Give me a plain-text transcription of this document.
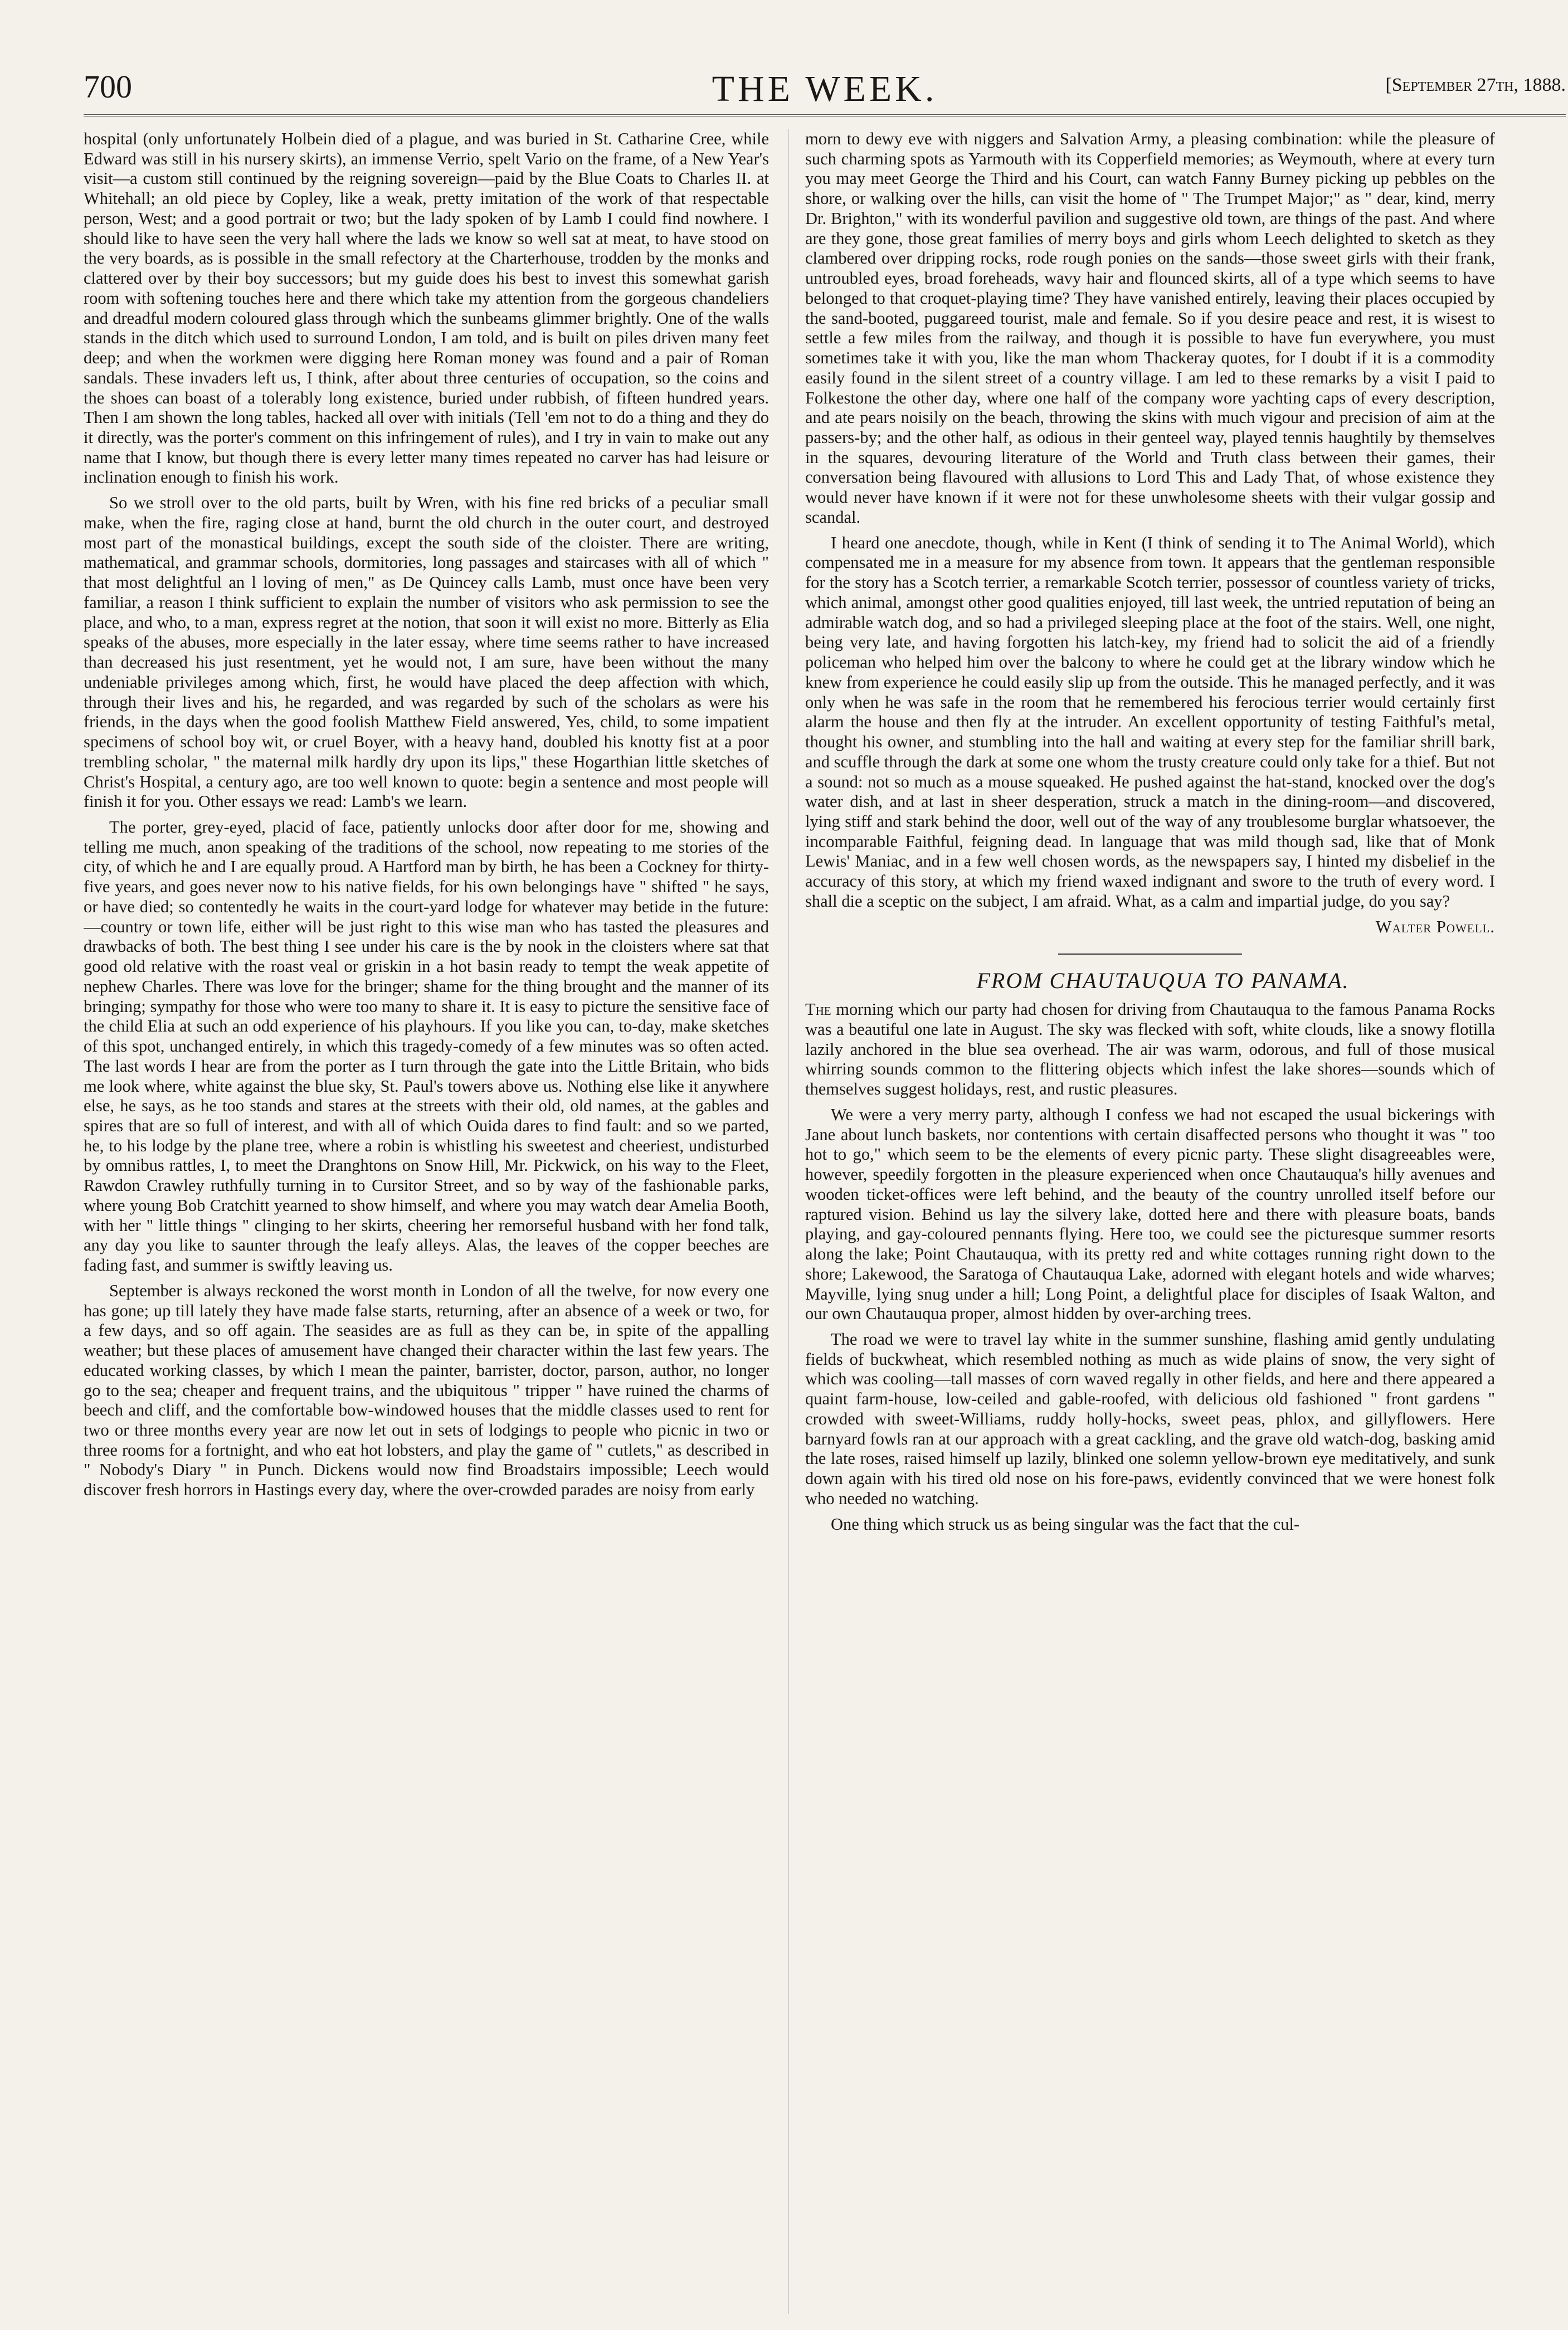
700	THE WEEK.	[September 27th, 1888.

hospital (only unfortunately Holbein died of a plague, and was buried in St. Catharine Cree, while Edward was still in his nursery skirts), an immense Verrio, spelt Vario on the frame, of a New Year's visit—a custom still continued by the reigning sovereign—paid by the Blue Coats to Charles II. at Whitehall; an old piece by Copley, like a weak, pretty imitation of the work of that respectable person, West; and a good portrait or two; but the lady spoken of by Lamb I could find nowhere. I should like to have seen the very hall where the lads we know so well sat at meat, to have stood on the very boards, as is possible in the small refectory at the Charterhouse, trodden by the monks and clattered over by their boy successors; but my guide does his best to invest this somewhat garish room with softening touches here and there which take my attention from the gorgeous chandeliers and dreadful modern coloured glass through which the sunbeams glimmer brightly. One of the walls stands in the ditch which used to surround London, I am told, and is built on piles driven many feet deep; and when the workmen were digging here Roman money was found and a pair of Roman sandals. These invaders left us, I think, after about three centuries of occupation, so the coins and the shoes can boast of a tolerably long existence, buried under rubbish, of fifteen hundred years. Then I am shown the long tables, hacked all over with initials (Tell 'em not to do a thing and they do it directly, was the porter's comment on this infringement of rules), and I try in vain to make out any name that I know, but though there is every letter many times repeated no carver has had leisure or inclination enough to finish his work.

So we stroll over to the old parts, built by Wren, with his fine red bricks of a peculiar small make, when the fire, raging close at hand, burnt the old church in the outer court, and destroyed most part of the monastical buildings, except the south side of the cloister. There are writing, mathematical, and grammar schools, dormitories, long passages and staircases with all of which " that most delightful an l loving of men," as De Quincey calls Lamb, must once have been very familiar, a reason I think sufficient to explain the number of visitors who ask permission to see the place, and who, to a man, express regret at the notion, that soon it will exist no more. Bitterly as Elia speaks of the abuses, more especially in the later essay, where time seems rather to have increased than decreased his just resentment, yet he would not, I am sure, have been without the many undeniable privileges among which, first, he would have placed the deep affection with which, through their lives and his, he regarded, and was regarded by such of the scholars as were his friends, in the days when the good foolish Matthew Field answered, Yes, child, to some impatient specimens of school boy wit, or cruel Boyer, with a heavy hand, doubled his knotty fist at a poor trembling scholar, " the maternal milk hardly dry upon its lips," these Hogarthian little sketches of Christ's Hospital, a century ago, are too well known to quote: begin a sentence and most people will finish it for you. Other essays we read: Lamb's we learn.

The porter, grey-eyed, placid of face, patiently unlocks door after door for me, showing and telling me much, anon speaking of the traditions of the school, now repeating to me stories of the city, of which he and I are equally proud. A Hartford man by birth, he has been a Cockney for thirty-five years, and goes never now to his native fields, for his own belongings have " shifted " he says, or have died; so contentedly he waits in the court-yard lodge for whatever may betide in the future:—country or town life, either will be just right to this wise man who has tasted the pleasures and drawbacks of both. The best thing I see under his care is the by nook in the cloisters where sat that good old relative with the roast veal or griskin in a hot basin ready to tempt the weak appetite of nephew Charles. There was love for the bringer; shame for the thing brought and the manner of its bringing; sympathy for those who were too many to share it. It is easy to picture the sensitive face of the child Elia at such an odd experience of his playhours. If you like you can, to-day, make sketches of this spot, unchanged entirely, in which this tragedy-comedy of a few minutes was so often acted. The last words I hear are from the porter as I turn through the gate into the Little Britain, who bids me look where, white against the blue sky, St. Paul's towers above us. Nothing else like it anywhere else, he says, as he too stands and stares at the streets with their old, old names, at the gables and spires that are so full of interest, and with all of which Ouida dares to find fault: and so we parted, he, to his lodge by the plane tree, where a robin is whistling his sweetest and cheeriest, undisturbed by omnibus rattles, I, to meet the Dranghtons on Snow Hill, Mr. Pickwick, on his way to the Fleet, Rawdon Crawley ruthfully turning in to Cursitor Street, and so by way of the fashionable parks, where young Bob Cratchitt yearned to show himself, and where you may watch dear Amelia Booth, with her " little things " clinging to her skirts, cheering her remorseful husband with her fond talk, any day you like to saunter through the leafy alleys. Alas, the leaves of the copper beeches are fading fast, and summer is swiftly leaving us.

September is always reckoned the worst month in London of all the twelve, for now every one has gone; up till lately they have made false starts, returning, after an absence of a week or two, for a few days, and so off again. The seasides are as full as they can be, in spite of the appalling weather; but these places of amusement have changed their character within the last few years. The educated working classes, by which I mean the painter, barrister, doctor, parson, author, no longer go to the sea; cheaper and frequent trains, and the ubiquitous " tripper " have ruined the charms of beech and cliff, and the comfortable bow-windowed houses that the middle classes used to rent for two or three months every year are now let out in sets of lodgings to people who picnic in two or three rooms for a fortnight, and who eat hot lobsters, and play the game of " cutlets," as described in " Nobody's Diary " in Punch. Dickens would now find Broadstairs impossible; Leech would discover fresh horrors in Hastings every day, where the over-crowded parades are noisy from early

morn to dewy eve with niggers and Salvation Army, a pleasing combination: while the pleasure of such charming spots as Yarmouth with its Copperfield memories; as Weymouth, where at every turn you may meet George the Third and his Court, can watch Fanny Burney picking up pebbles on the shore, or walking over the hills, can visit the home of " The Trumpet Major;" as " dear, kind, merry Dr. Brighton," with its wonderful pavilion and suggestive old town, are things of the past. And where are they gone, those great families of merry boys and girls whom Leech delighted to sketch as they clambered over dripping rocks, rode rough ponies on the sands—those sweet girls with their frank, untroubled eyes, broad foreheads, wavy hair and flounced skirts, all of a type which seems to have belonged to that croquet-playing time? They have vanished entirely, leaving their places occupied by the sand-booted, puggareed tourist, male and female. So if you desire peace and rest, it is wisest to settle a few miles from the railway, and though it is possible to have fun everywhere, you must sometimes take it with you, like the man whom Thackeray quotes, for I doubt if it is a commodity easily found in the silent street of a country village. I am led to these remarks by a visit I paid to Folkestone the other day, where one half of the company wore yachting caps of every description, and ate pears noisily on the beach, throwing the skins with much vigour and precision of aim at the passers-by; and the other half, as odious in their genteel way, played tennis haughtily by themselves in the squares, devouring literature of the World and Truth class between their games, their conversation being flavoured with allusions to Lord This and Lady That, of whose existence they would never have known if it were not for these unwholesome sheets with their vulgar gossip and scandal.

I heard one anecdote, though, while in Kent (I think of sending it to The Animal World), which compensated me in a measure for my absence from town. It appears that the gentleman responsible for the story has a Scotch terrier, a remarkable Scotch terrier, possessor of countless variety of tricks, which animal, amongst other good qualities enjoyed, till last week, the untried reputation of being an admirable watch dog, and so had a privileged sleeping place at the foot of the stairs. Well, one night, being very late, and having forgotten his latch-key, my friend had to solicit the aid of a friendly policeman who helped him over the balcony to where he could get at the library window which he knew from experience he could easily slip up from the outside. This he managed perfectly, and it was only when he was safe in the room that he remembered his ferocious terrier would certainly first alarm the house and then fly at the intruder. An excellent opportunity of testing Faithful's metal, thought his owner, and stumbling into the hall and waiting at every step for the familiar shrill bark, and scuffle through the dark at some one whom the trusty creature could only take for a thief. But not a sound: not so much as a mouse squeaked. He pushed against the hat-stand, knocked over the dog's water dish, and at last in sheer desperation, struck a match in the dining-room—and discovered, lying stiff and stark behind the door, well out of the way of any troublesome burglar whatsoever, the incomparable Faithful, feigning dead. In language that was mild though sad, like that of Monk Lewis' Maniac, and in a few well chosen words, as the newspapers say, I hinted my disbelief in the accuracy of this story, at which my friend waxed indignant and swore to the truth of every word. I shall die a sceptic on the subject, I am afraid. What, as a calm and impartial judge, do you say?

Walter Powell.

FROM CHAUTAUQUA TO PANAMA.

The morning which our party had chosen for driving from Chautauqua to the famous Panama Rocks was a beautiful one late in August. The sky was flecked with soft, white clouds, like a snowy flotilla lazily anchored in the blue sea overhead. The air was warm, odorous, and full of those musical whirring sounds common to the flittering objects which infest the lake shores—sounds which of themselves suggest holidays, rest, and rustic pleasures.

We were a very merry party, although I confess we had not escaped the usual bickerings with Jane about lunch baskets, nor contentions with certain disaffected persons who thought it was " too hot to go," which seem to be the elements of every picnic party. These slight disagreeables were, however, speedily forgotten in the pleasure experienced when once Chautauqua's hilly avenues and wooden ticket-offices were left behind, and the beauty of the country unrolled itself before our raptured vision. Behind us lay the silvery lake, dotted here and there with pleasure boats, bands playing, and gay-coloured pennants flying. Here too, we could see the picturesque summer resorts along the lake; Point Chautauqua, with its pretty red and white cottages running right down to the shore; Lakewood, the Saratoga of Chautauqua Lake, adorned with elegant hotels and wide wharves; Mayville, lying snug under a hill; Long Point, a delightful place for disciples of Isaak Walton, and our own Chautauqua proper, almost hidden by over-arching trees.

The road we were to travel lay white in the summer sunshine, flashing amid gently undulating fields of buckwheat, which resembled nothing as much as wide plains of snow, the very sight of which was cooling—tall masses of corn waved regally in other fields, and here and there appeared a quaint farm-house, low-ceiled and gable-roofed, with delicious old fashioned " front gardens " crowded with sweet-Williams, ruddy holly-hocks, sweet peas, phlox, and gillyflowers. Here barnyard fowls ran at our approach with a great cackling, and the grave old watch-dog, basking amid the late roses, raised himself up lazily, blinked one solemn yellow-brown eye meditatively, and sunk down again with his tired old nose on his fore-paws, evidently convinced that we were honest folk who needed no watching.

One thing which struck us as being singular was the fact that the cul-
